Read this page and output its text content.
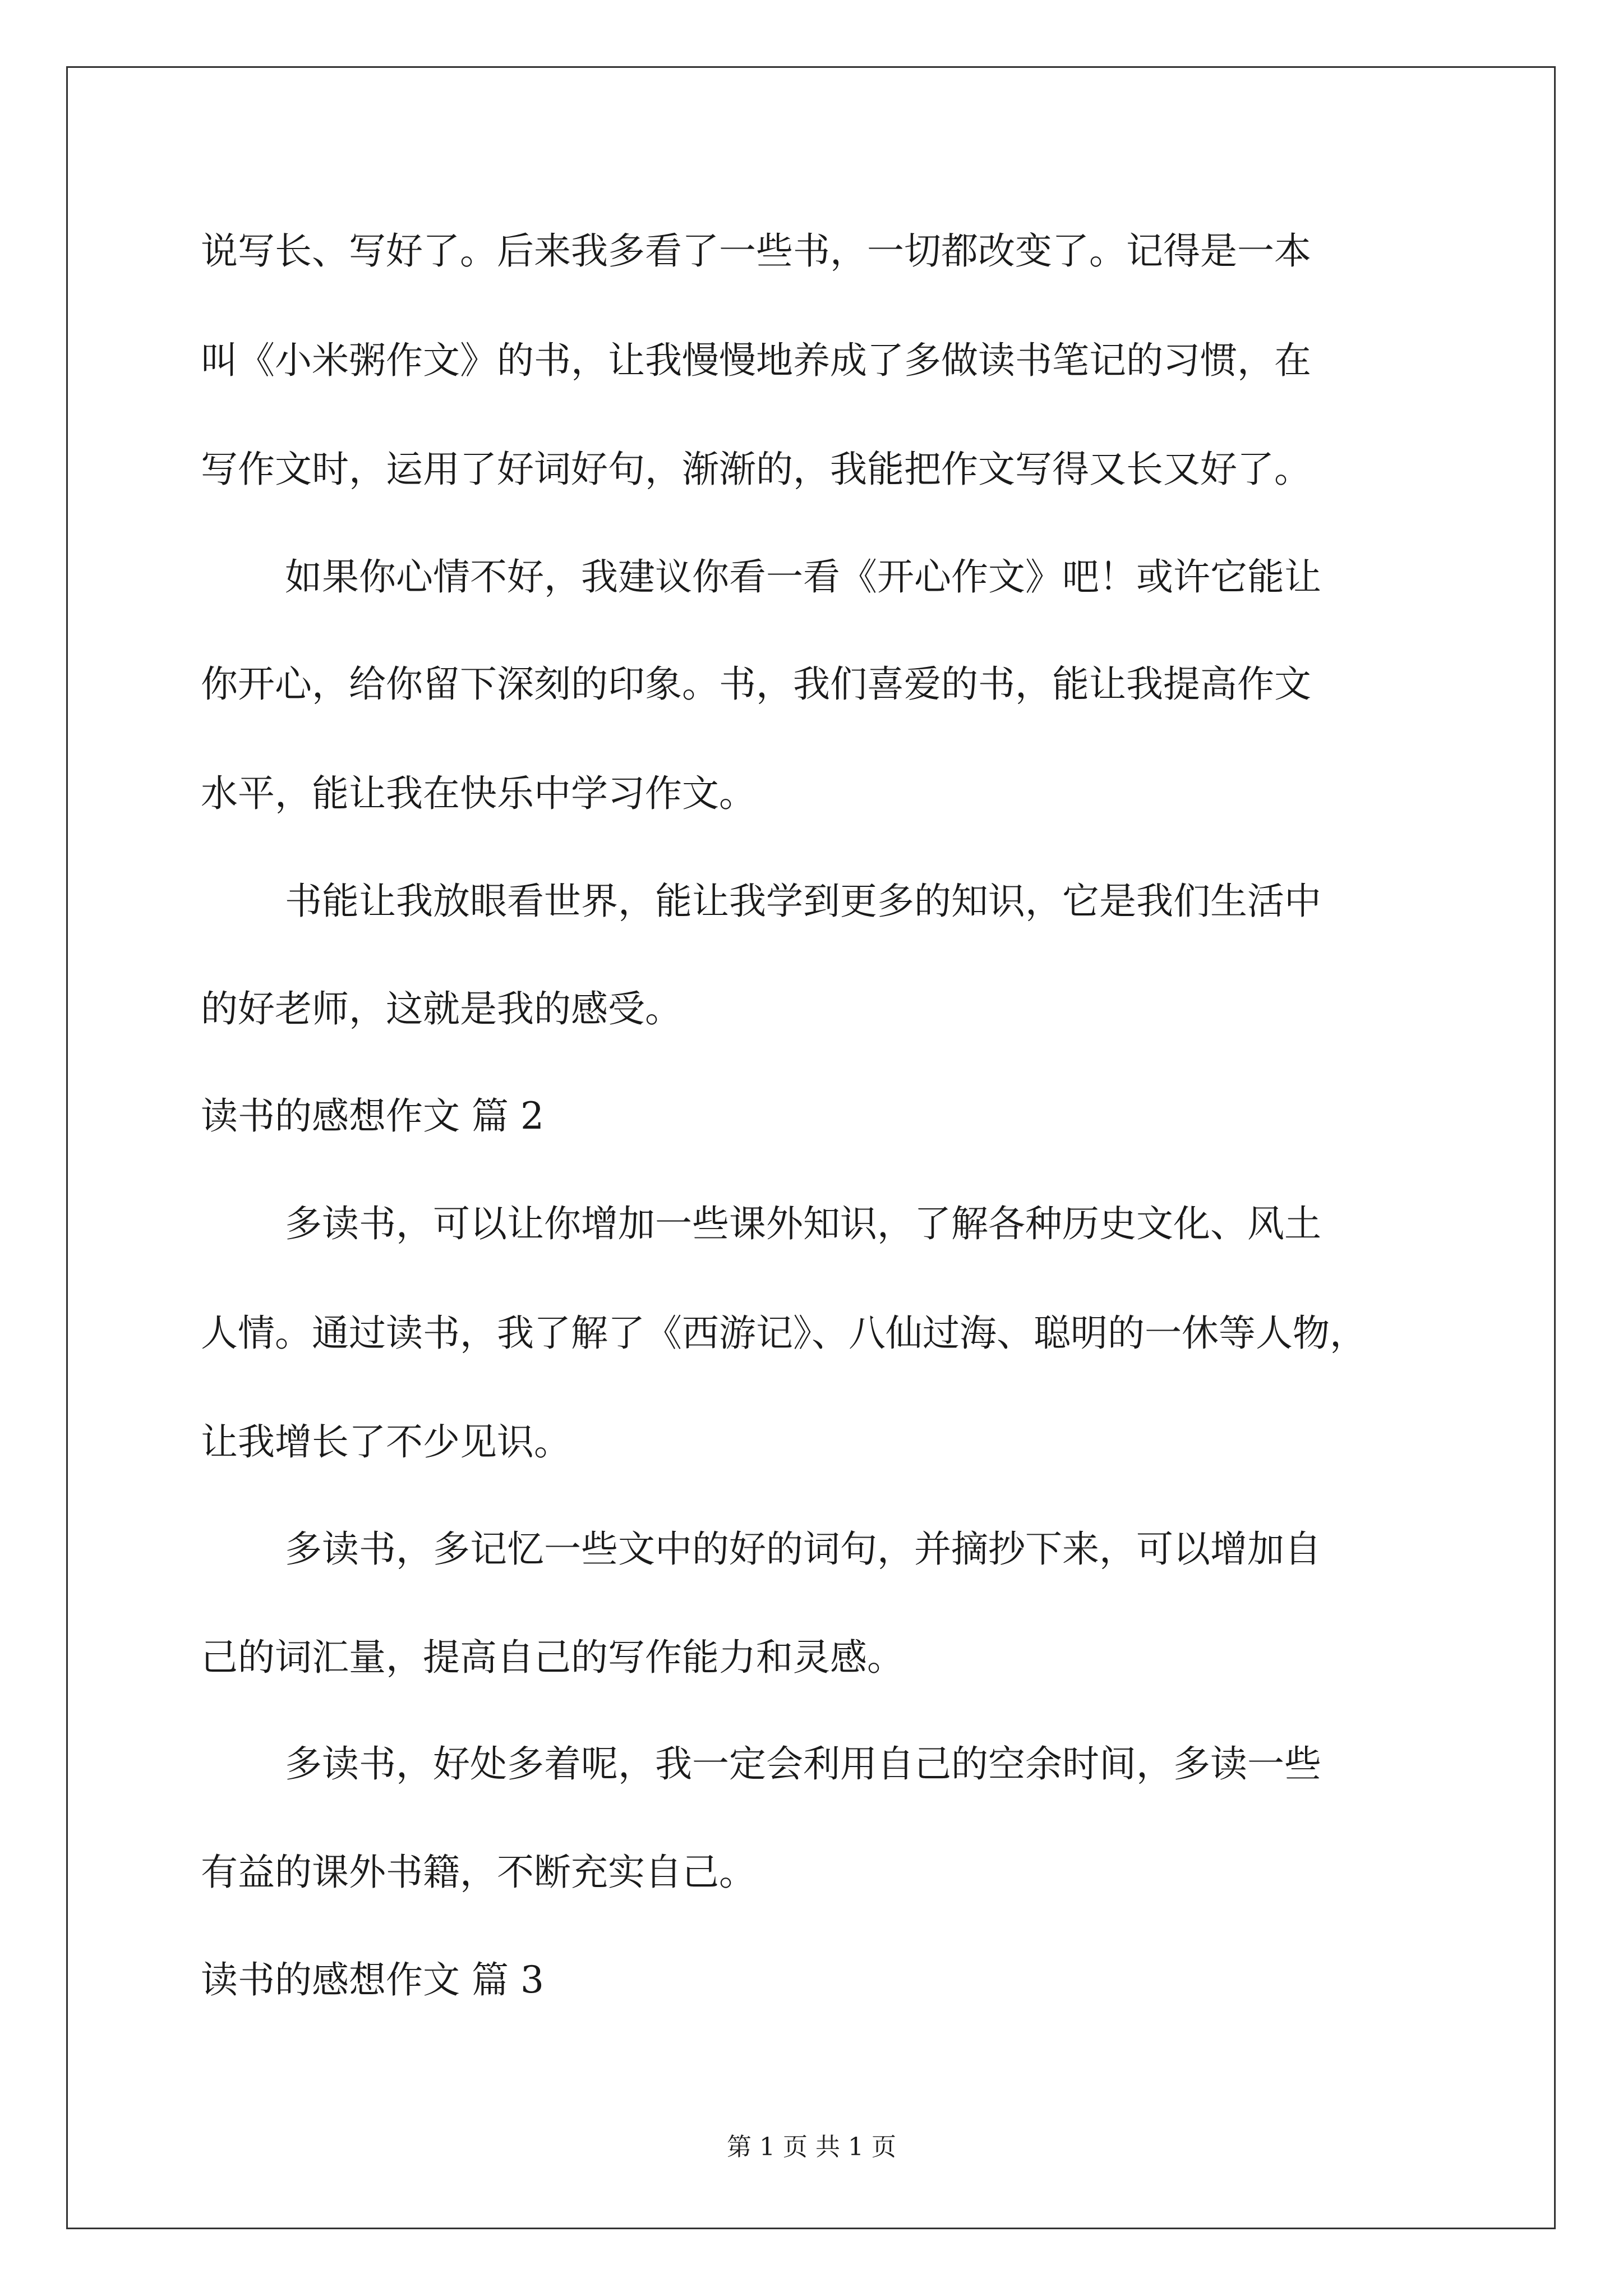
说写长、写好了。后来我多看了一些书，一切都改变了。记得是一本
叫《小米粥作文》的书，让我慢慢地养成了多做读书笔记的习惯，在
写作文时，运用了好词好句，渐渐的，我能把作文写得又长又好了。
如果你心情不好，我建议你看一看《开心作文》吧！或许它能让
你开心，给你留下深刻的印象。书，我们喜爱的书，能让我提高作文
水平，能让我在快乐中学习作文。
书能让我放眼看世界，能让我学到更多的知识，它是我们生活中
的好老师，这就是我的感受。
读书的感想作文 篇 2
多读书，可以让你增加一些课外知识，了解各种历史文化、风土
人情。通过读书，我了解了《西游记》、八仙过海、聪明的一休等人物，
让我增长了不少见识。
多读书，多记忆一些文中的好的词句，并摘抄下来，可以增加自
己的词汇量，提高自己的写作能力和灵感。
多读书，好处多着呢，我一定会利用自己的空余时间，多读一些
有益的课外书籍，不断充实自己。
读书的感想作文 篇 3
第 1 页 共 1 页
